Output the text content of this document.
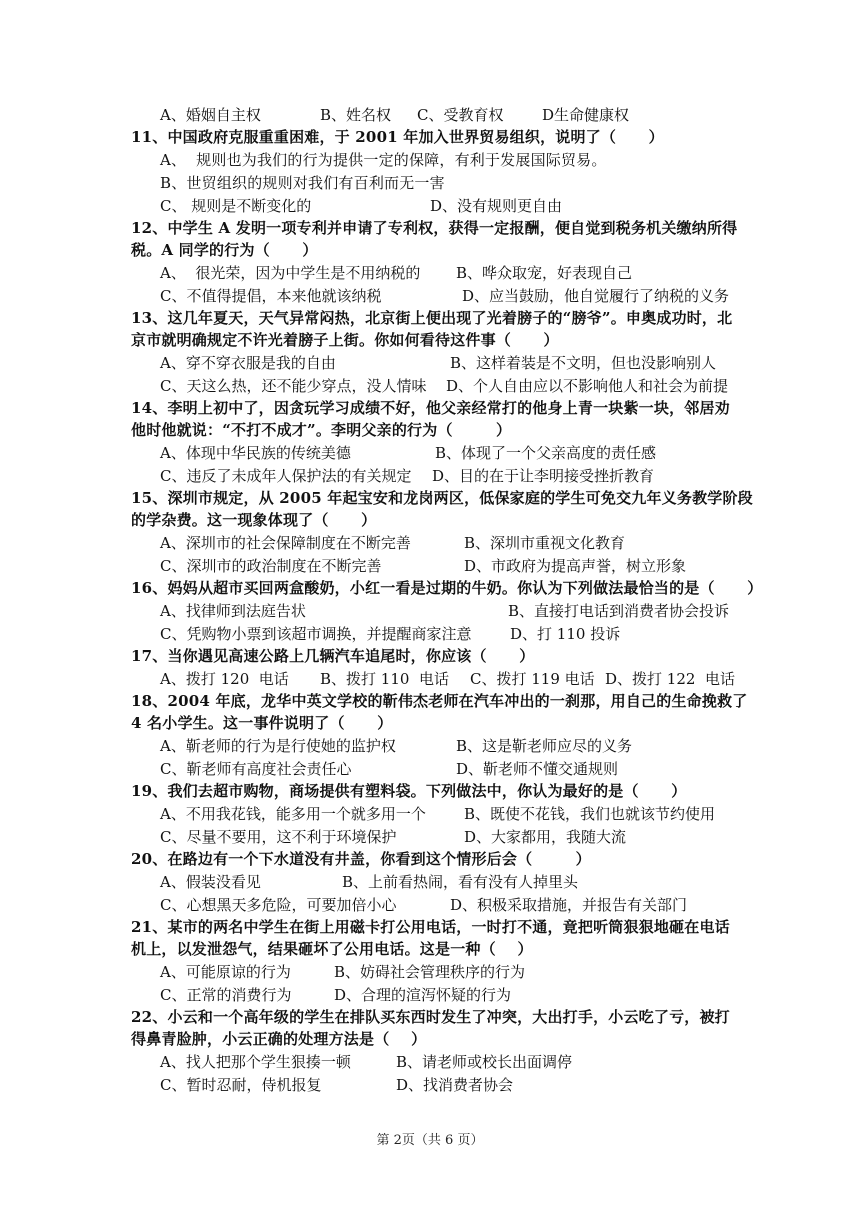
A、婚姻自主权	B、姓名权 C、受教育权	D生命健康权
11、中国政府克服重重困难，于 2001 年加入世界贸易组织，说明了（      ）
A、  规则也为我们的行为提供一定的保障，有利于发展国际贸易。
B、世贸组织的规则对我们有百利而无一害
C、 规则是不断变化的	D、没有规则更自由
12、中学生 A 发明一项专利并申请了专利权，获得一定报酬，便自觉到税务机关缴纳所得
税。A 同学的行为（      ）
A、  很光荣，因为中学生是不用纳税的 B、哗众取宠，好表现自己
C、不值得提倡，本来他就该纳税	D、应当鼓励，他自觉履行了纳税的义务
13、这几年夏天，天气异常闷热，北京街上便出现了光着膀子的“膀爷”。申奥成功时，北
京市就明确规定不许光着膀子上街。你如何看待这件事（      ）
A、穿不穿衣服是我的自由	B、这样着装是不文明，但也没影响别人
C、天这么热，还不能少穿点，没人情味 D、个人自由应以不影响他人和社会为前提
14、李明上初中了，因贪玩学习成绩不好，他父亲经常打的他身上青一块紫一块，邻居劝
他时他就说：“不打不成才”。李明父亲的行为（        ）
A、体现中华民族的传统美德	B、体现了一个父亲高度的责任感
C、违反了未成年人保护法的有关规定 D、目的在于让李明接受挫折教育
15、深圳市规定，从 2005 年起宝安和龙岗两区，低保家庭的学生可免交九年义务教学阶段
的学杂费。这一现象体现了（      ）
A、深圳市的社会保障制度在不断完善	B、深圳市重视文化教育
C、深圳市的政治制度在不断完善	D、市政府为提高声誉，树立形象
16、妈妈从超市买回两盒酸奶，小红一看是过期的牛奶。你认为下列做法最恰当的是（      ）
A、找律师到法庭告状	B、直接打电话到消费者协会投诉
C、凭购物小票到该超市调换，并提醒商家注意	D、打 110 投诉
17、当你遇见高速公路上几辆汽车追尾时，你应该（      ）
A、拨打 120  电话 B、拨打 110  电话 C、拨打 119 电话 D、拨打 122  电话
18、2004 年底，龙华中英文学校的靳伟杰老师在汽车冲出的一刹那，用自己的生命挽救了
4 名小学生。这一事件说明了（      ）
A、靳老师的行为是行使她的监护权	B、这是靳老师应尽的义务
C、靳老师有高度社会责任心	D、靳老师不懂交通规则
19、我们去超市购物，商场提供有塑料袋。下列做法中，你认为最好的是（      ）
A、不用我花钱，能多用一个就多用一个	B、既使不花钱，我们也就该节约使用
C、尽量不要用，这不利于环境保护	D、大家都用，我随大流
20、在路边有一个下水道没有井盖，你看到这个情形后会（        ）
A、假装没看见	B、上前看热闹，看有没有人掉里头
C、心想黑天多危险，可要加倍小心	D、积极采取措施，并报告有关部门
21、某市的两名中学生在街上用磁卡打公用电话，一时打不通，竟把听筒狠狠地砸在电话
机上，以发泄怨气，结果砸坏了公用电话。这是一种（    ）
A、可能原谅的行为	B、妨碍社会管理秩序的行为
C、正常的消费行为	D、合理的渲泻怀疑的行为
22、小云和一个高年级的学生在排队买东西时发生了冲突，大出打手，小云吃了亏，被打
得鼻青脸肿，小云正确的处理方法是（    ）
A、找人把那个学生狠揍一顿	B、请老师或校长出面调停
C、暂时忍耐，侍机报复	D、找消费者协会
第 2页（共 6 页）
